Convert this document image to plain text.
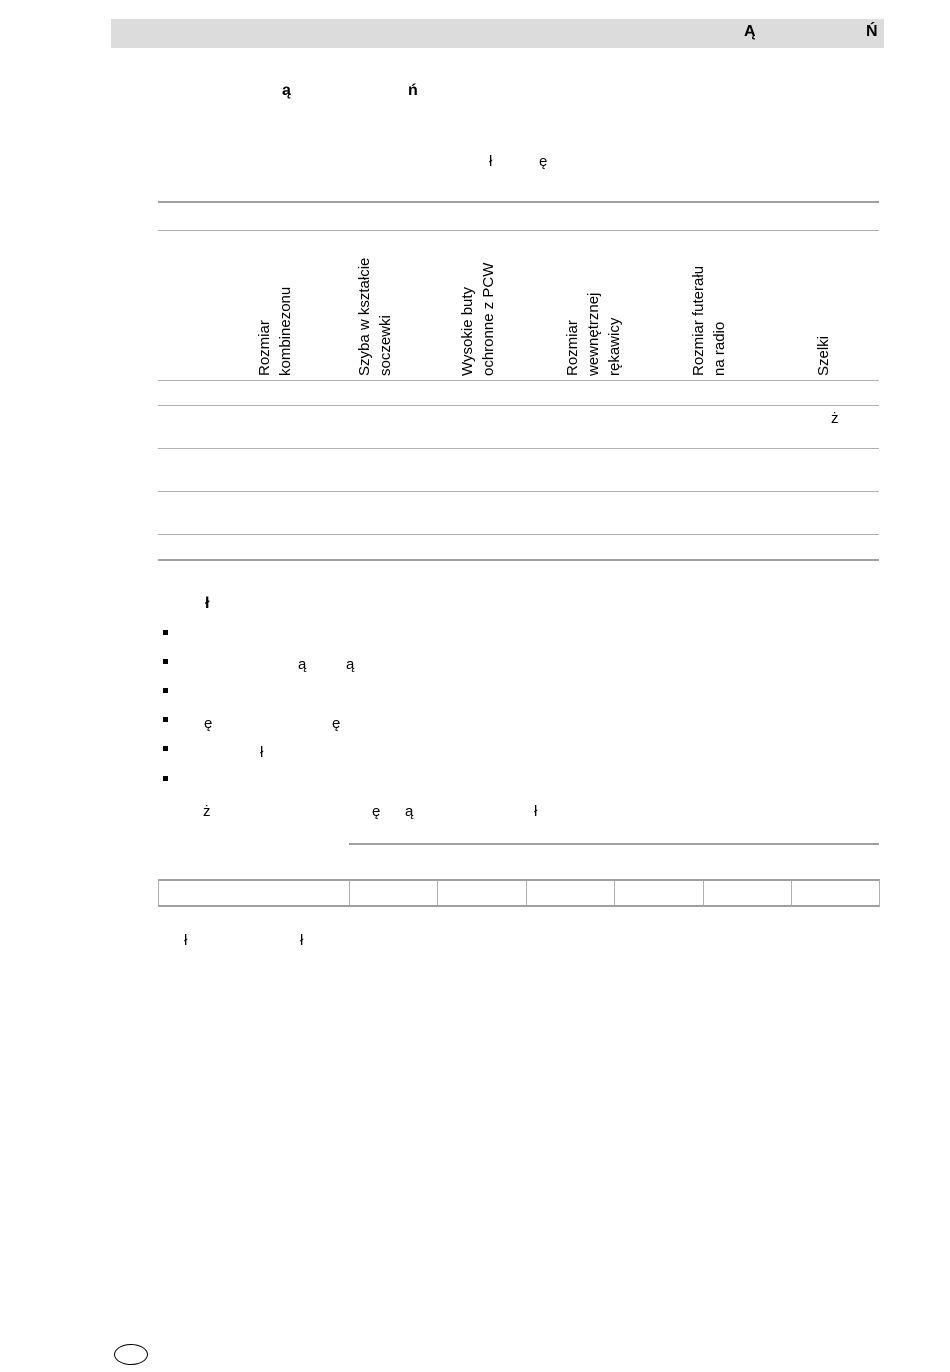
Ą	Ń
ą	ń
ł	ę
Rozmiar kombinezonu	Szyba w kształcie soczewki	Wysokie buty ochronne z PCW	Rozmiar wewnętrznej rękawicy	Rozmiar futerału na radio	Szelki
ż
ł
ą	ą
ę	ę
ł
ż	ę ą	ł
ł	ł
